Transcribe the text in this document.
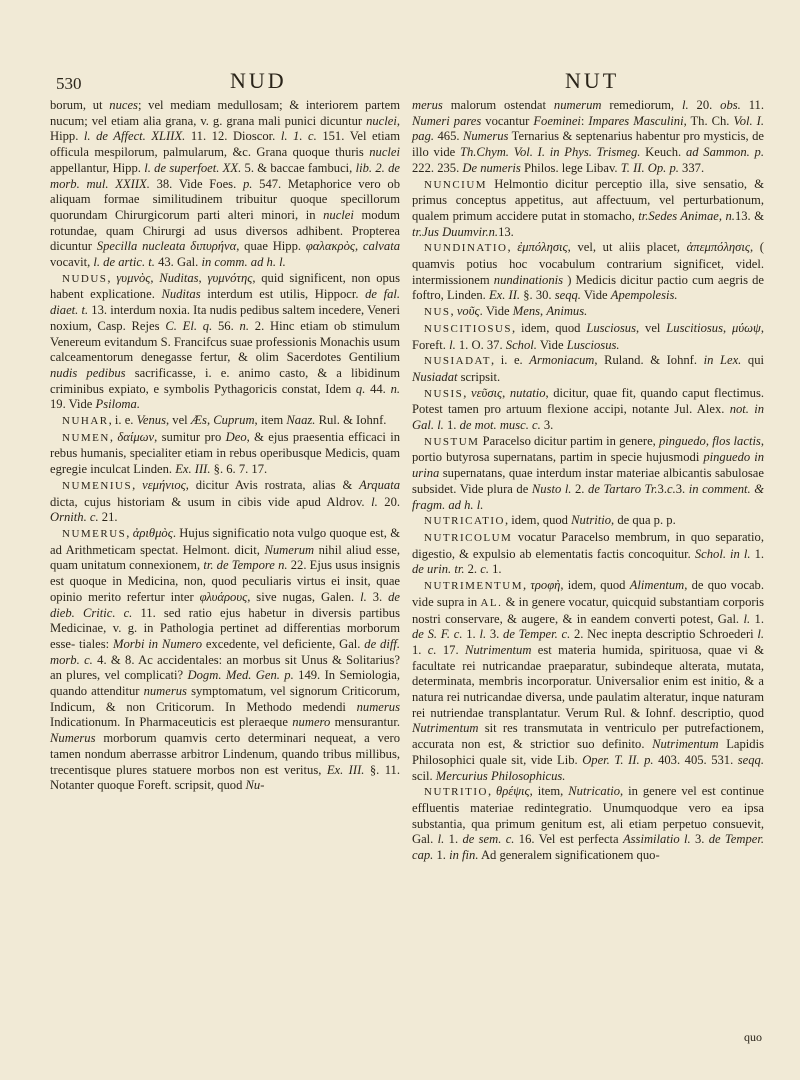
530	NUD	NUT

borum, ut nuces; vel mediam medullosam; & interiorem partem nucum; vel etiam alia grana, v. g. grana mali punici dicuntur nuclei, Hipp. l. de Affect. XLIIX. 11. 12. Dioscor. l. 1. c. 151. Vel etiam officula mespilorum, palmularum, &c. Grana quoque thuris nuclei appellantur, Hipp. l. de superfoet. XX. 5. & baccae fambuci, lib. 2. de morb. mul. XXIIX. 38. Vide Foes. p. 547. Metaphorice vero ob aliquam formae similitudinem tribuitur quoque specillorum quorundam Chirurgicorum parti alteri minori, in nuclei modum rotundae, quam Chirurgi ad usus diversos adhibent. Propterea dicuntur Specilla nucleata διπυρήνα, quae Hipp. φαλακρὸς, calvata vocavit, l. de artic. t. 43. Gal. in comm. ad h. l.

NUDUS, γυμνὸς, Nuditas, γυμνότης, quid significent, non opus habent explicatione. Nuditas interdum est utilis, Hippocr. de fal. diaet. t. 13. interdum noxia. Ita nudis pedibus saltem incedere, Veneri noxium, Casp. Rejes C. El. q. 56. n. 2. Hinc etiam ob stimulum Venereum evitandum S. Francifcus suae professionis Monachis usum calceamentorum denegasse fertur, & olim Sacerdotes Gentilium nudis pedibus sacrificasse, i. e. animo casto, & a libidinum criminibus expiato, e symbolis Pythagoricis constat, Idem q. 44. n. 19. Vide Psiloma.

NUHAR, i. e. Venus, vel Æs, Cuprum, item Naaz. Rul. & Iohnf.

NUMEN, δαίμων, sumitur pro Deo, & ejus praesentia efficaci in rebus humanis, specialiter etiam in rebus operibusque Medicis, quam egregie inculcat Linden. Ex. III. §. 6. 7. 17.

NUMENIUS, νεμήνιος, dicitur Avis rostrata, alias & Arquata dicta, cujus historiam & usum in cibis vide apud Aldrov. l. 20. Ornith. c. 21.

NUMERUS, ἀριθμὸς. Hujus significatio nota vulgo quoque est, & ad Arithmeticam spectat. Helmont. dicit, Numerum nihil aliud esse, quam unitatum connexionem, tr. de Tempore n. 22. Ejus usus insignis est quoque in Medicina, non, quod peculiaris virtus ei insit, quae opinio merito refertur inter φλυάρους, sive nugas, Galen. l. 3. de dieb. Critic. c. 11. sed ratio ejus habetur in diversis partibus Medicinae, v. g. in Pathologia pertinet ad differentias morborum esse- tiales: Morbi in Numero excedente, vel deficiente, Gal. de diff. morb. c. 4. & 8. Ac accidentales: an morbus sit Unus & Solitarius? an plures, vel complicati? Dogm. Med. Gen. p. 149. In Semiologia, quando attenditur numerus symptomatum, vel signorum Criticorum, Indicum, & non Criticorum. In Methodo medendi numerus Indicationum. In Pharmaceuticis est pleraeque numero mensurantur. Numerus morborum quamvis certo determinari nequeat, a vero tamen nondum aberrasse arbitror Lindenum, quando tribus millibus, trecentisque plures statuere morbos non est veritus, Ex. III. §. 11. Notanter quoque Foreft. scripsit, quod Nu-

merus malorum ostendat numerum remediorum, l. 20. obs. 11. Numeri pares vocantur Foeminei: Impares Masculini, Th. Ch. Vol. I. pag. 465. Numerus Ternarius & septenarius habentur pro mysticis, de illo vide Th.Chym. Vol. I. in Phys. Trismeg. Keuch. ad Sammon. p. 222. 235. De numeris Philos. lege Libav. T. II. Op. p. 337.

NUNCIUM Helmontio dicitur perceptio illa, sive sensatio, & primus conceptus appetitus, aut affectuum, vel perturbationum, qualem primum accidere putat in stomacho, tr.Sedes Animae, n.13. & tr.Jus Duumvir.n.13.

NUNDINATIO, ἐμπόλησις, vel, ut aliis placet, ἀπεμπόλησις, ( quamvis potius hoc vocabulum contrarium significet, videl. intermissionem nundinationis ) Medicis dicitur pactio cum aegris de foftro, Linden. Ex. II. §. 30. seqq. Vide Apempolesis.

NUS, νοῦς. Vide Mens, Animus.

NUSCITIOSUS, idem, quod Lusciosus, vel Luscitiosus, μύωψ, Foreft. l. 1. O. 37. Schol. Vide Lusciosus.

NUSIADAT, i. e. Armoniacum, Ruland. & Iohnf. in Lex. qui Nusiadat scripsit.

NUSIS, νεῦσις, nutatio, dicitur, quae fit, quando caput flectimus. Potest tamen pro artuum flexione accipi, notante Jul. Alex. not. in Gal. l. 1. de mot. musc. c. 3.

NUSTUM Paracelso dicitur partim in genere, pinguedo, flos lactis, portio butyrosa supernatans, partim in specie hujusmodi pinguedo in urina supernatans, quae interdum instar materiae albicantis sabulosae subsidet. Vide plura de Nusto l. 2. de Tartaro Tr.3.c.3. in comment. & fragm. ad h. l.

NUTRICATIO, idem, quod Nutritio, de qua p. p.

NUTRICOLUM vocatur Paracelso membrum, in quo separatio, digestio, & expulsio ab elementatis factis concoquitur. Schol. in l. 1. de urin. tr. 2. c. 1.

NUTRIMENTUM, τροφὴ, idem, quod Alimentum, de quo vocab. vide supra in AL. & in genere vocatur, quicquid substantiam corporis nostri conservare, & augere, & in eandem converti potest, Gal. l. 1. de S. F. c. 1. l. 3. de Temper. c. 2. Nec inepta descriptio Schroederi l. 1. c. 17. Nutrimentum est materia humida, spirituosa, quae vi & facultate rei nutricandae praeparatur, subindeque alterata, mutata, determinata, membris incorporatur. Universalior enim est initio, & a natura rei nutricandae diversa, unde paulatim alteratur, inque naturam rei nutriendae transplantatur. Verum Rul. & Iohnf. descriptio, quod Nutrimentum sit res transmutata in ventriculo per putrefactionem, accurata non est, & strictior suo definito. Nutrimentum Lapidis Philosophici quale sit, vide Lib. Oper. T. II. p. 403. 405. 531. seqq. scil. Mercurius Philosophicus.

NUTRITIO, θρέψις, item, Nutricatio, in genere vel est continue effluentis materiae redintegratio. Unumquodque vero ea ipsa substantia, qua primum genitum est, ali etiam perpetuo consuevit, Gal. l. 1. de sem. c. 16. Vel est perfecta Assimilatio l. 3. de Temper. cap. 1. in fin. Ad generalem significationem quo-

quo
